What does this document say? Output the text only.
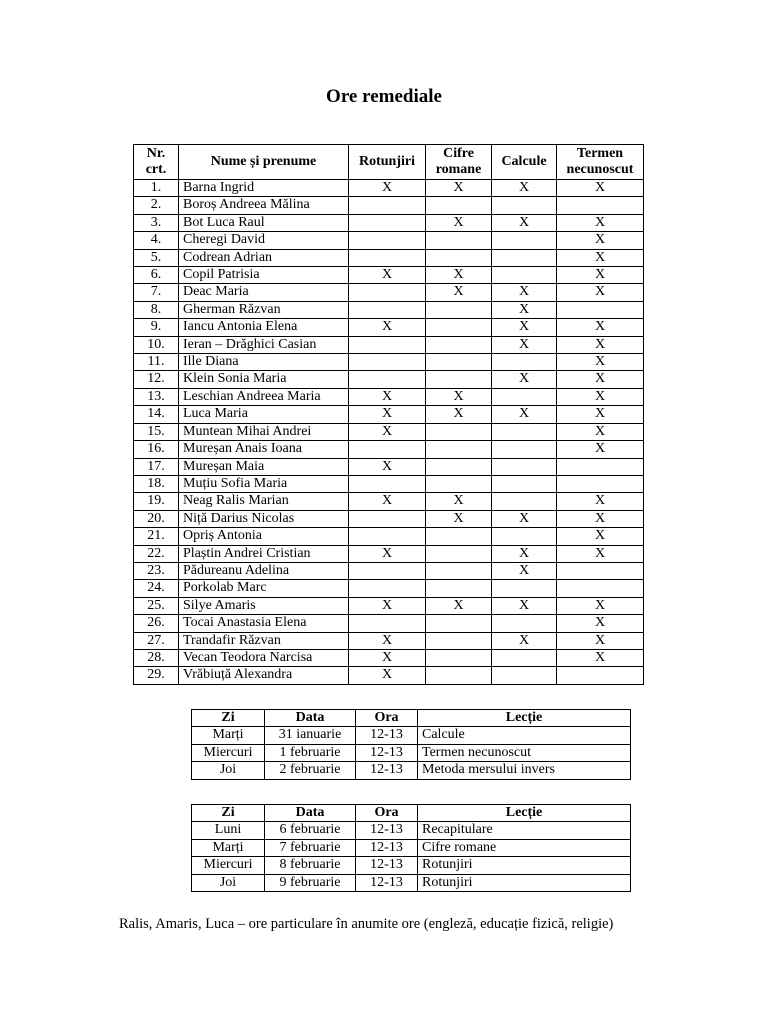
Ore remediale
Nr. crt.	Nume și prenume	Rotunjiri	Cifre romane	Calcule	Termen necunoscut
1.	Barna Ingrid	X	X	X	X
2.	Boroș Andreea Mălina				
3.	Bot Luca Raul		X	X	X
4.	Cheregi David				X
5.	Codrean Adrian				X
6.	Copil Patrisia	X	X		X
7.	Deac Maria		X	X	X
8.	Gherman Răzvan			X	
9.	Iancu Antonia Elena	X		X	X
10.	Ieran – Drăghici Casian			X	X
11.	Ille Diana				X
12.	Klein Sonia Maria			X	X
13.	Leschian Andreea Maria	X	X		X
14.	Luca Maria	X	X	X	X
15.	Muntean Mihai Andrei	X			X
16.	Mureșan Anais Ioana				X
17.	Mureșan Maia	X			
18.	Muțiu Sofia Maria				
19.	Neag Ralis Marian	X	X		X
20.	Niță Darius Nicolas		X	X	X
21.	Opriș Antonia				X
22.	Plaștin Andrei Cristian	X		X	X
23.	Pădureanu Adelina			X	
24.	Porkolab Marc				
25.	Silye Amaris	X	X	X	X
26.	Tocai Anastasia Elena				X
27.	Trandafir Răzvan	X		X	X
28.	Vecan Teodora Narcisa	X			X
29.	Vrăbiuță Alexandra	X			
Zi	Data	Ora	Lecție
Marți	31 ianuarie	12-13	Calcule
Miercuri	1 februarie	12-13	Termen necunoscut
Joi	2 februarie	12-13	Metoda mersului invers
Zi	Data	Ora	Lecție
Luni	6 februarie	12-13	Recapitulare
Marți	7 februarie	12-13	Cifre romane
Miercuri	8 februarie	12-13	Rotunjiri
Joi	9 februarie	12-13	Rotunjiri
Ralis, Amaris, Luca – ore particulare în anumite ore (engleză, educație fizică, religie)
